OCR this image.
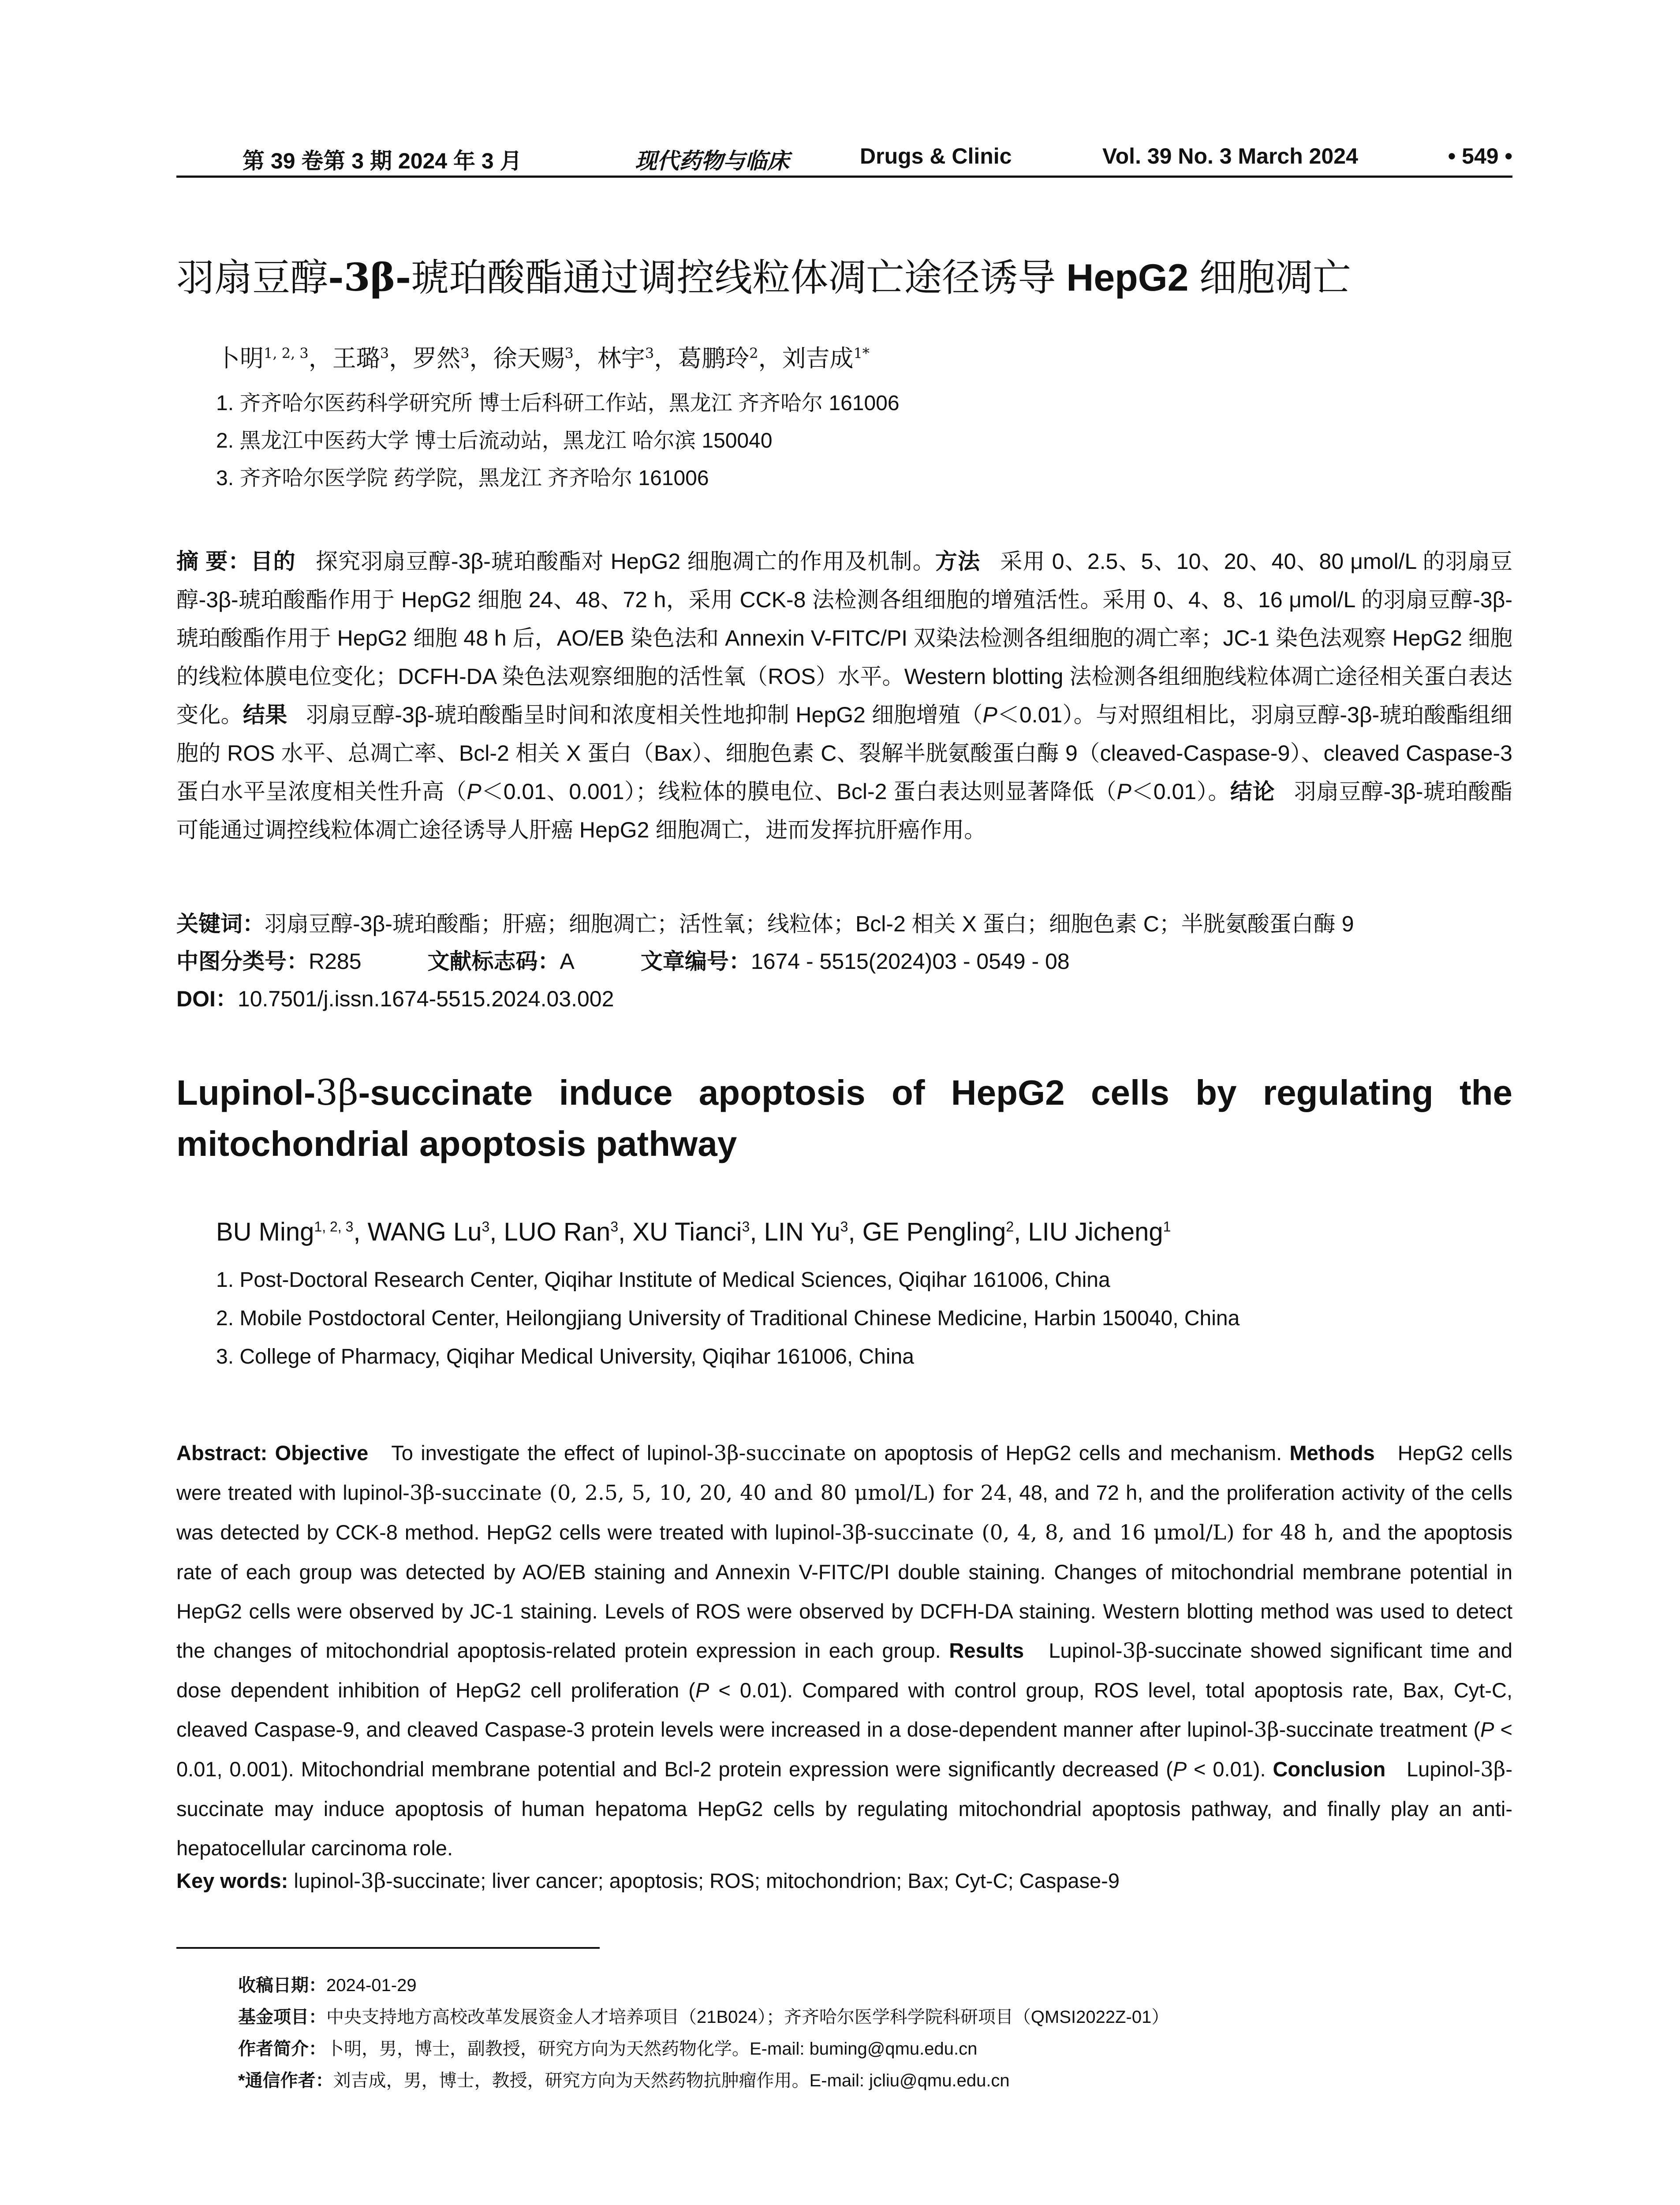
第 39 卷第 3 期 2024 年 3 月	现代药物与临床	Drugs & Clinic	Vol. 39 No. 3 March 2024	• 549 •
羽扇豆醇-3β-琥珀酸酯通过调控线粒体凋亡途径诱导 HepG2 细胞凋亡
卜明$^{1, 2, 3}$，王璐$^3$，罗然$^3$，徐天赐$^3$，林宇$^3$，葛鹏玲$^2$，刘吉成$^{1*}$
1. 齐齐哈尔医药科学研究所 博士后科研工作站，黑龙江 齐齐哈尔 161006
2. 黑龙江中医药大学 博士后流动站，黑龙江 哈尔滨 150040
3. 齐齐哈尔医学院 药学院，黑龙江 齐齐哈尔 161006

摘 要：目的 探究羽扇豆醇-3β-琥珀酸酯对 HepG2 细胞凋亡的作用及机制。方法 采用 0、2.5、5、10、20、40、80 μmol/L 的羽扇豆醇-3β-琥珀酸酯作用于 HepG2 细胞 24、48、72 h，采用 CCK-8 法检测各组细胞的增殖活性。采用 0、4、8、16 μmol/L 的羽扇豆醇-3β-琥珀酸酯作用于 HepG2 细胞 48 h 后，AO/EB 染色法和 Annexin V-FITC/PI 双染法检测各组细胞的凋亡率；JC-1 染色法观察 HepG2 细胞的线粒体膜电位变化；DCFH-DA 染色法观察细胞的活性氧（ROS）水平。Western blotting 法检测各组细胞线粒体凋亡途径相关蛋白表达变化。结果 羽扇豆醇-3β-琥珀酸酯呈时间和浓度相关性地抑制 HepG2 细胞增殖（P＜0.01）。与对照组相比，羽扇豆醇-3β-琥珀酸酯组细胞的 ROS 水平、总凋亡率、Bcl-2 相关 X 蛋白（Bax）、细胞色素 C、裂解半胱氨酸蛋白酶 9（cleaved-Caspase-9）、cleaved Caspase-3 蛋白水平呈浓度相关性升高（P＜0.01、0.001）；线粒体的膜电位、Bcl-2 蛋白表达则显著降低（P＜0.01）。结论 羽扇豆醇-3β-琥珀酸酯可能通过调控线粒体凋亡途径诱导人肝癌 HepG2 细胞凋亡，进而发挥抗肝癌作用。

关键词：羽扇豆醇-3β-琥珀酸酯；肝癌；细胞凋亡；活性氧；线粒体；Bcl-2 相关 X 蛋白；细胞色素 C；半胱氨酸蛋白酶 9
中图分类号：R285	文献标志码：A	文章编号：1674 - 5515(2024)03 - 0549 - 08
DOI：10.7501/j.issn.1674-5515.2024.03.002
Lupinol-3β-succinate induce apoptosis of HepG2 cells by regulating the mitochondrial apoptosis pathway
BU Ming$^{1, 2, 3}$, WANG Lu$^3$, LUO Ran$^3$, XU Tianci$^3$, LIN Yu$^3$, GE Pengling$^2$, LIU Jicheng$^1$
1. Post-Doctoral Research Center, Qiqihar Institute of Medical Sciences, Qiqihar 161006, China
2. Mobile Postdoctoral Center, Heilongjiang University of Traditional Chinese Medicine, Harbin 150040, China
3. College of Pharmacy, Qiqihar Medical University, Qiqihar 161006, China

Abstract: Objective To investigate the effect of lupinol-3β-succinate on apoptosis of HepG2 cells and mechanism. Methods HepG2 cells were treated with lupinol-3β-succinate (0, 2.5, 5, 10, 20, 40 and 80 μmol/L) for 24, 48, and 72 h, and the proliferation activity of the cells was detected by CCK-8 method. HepG2 cells were treated with lupinol-3β-succinate (0, 4, 8, and 16 μmol/L) for 48 h, and the apoptosis rate of each group was detected by AO/EB staining and Annexin V-FITC/PI double staining. Changes of mitochondrial membrane potential in HepG2 cells were observed by JC-1 staining. Levels of ROS were observed by DCFH-DA staining. Western blotting method was used to detect the changes of mitochondrial apoptosis-related protein expression in each group. Results Lupinol-3β-succinate showed significant time and dose dependent inhibition of HepG2 cell proliferation (P < 0.01). Compared with control group, ROS level, total apoptosis rate, Bax, Cyt-C, cleaved Caspase-9, and cleaved Caspase-3 protein levels were increased in a dose-dependent manner after lupinol-3β-succinate treatment (P < 0.01, 0.001). Mitochondrial membrane potential and Bcl-2 protein expression were significantly decreased (P < 0.01). Conclusion Lupinol-3β-succinate may induce apoptosis of human hepatoma HepG2 cells by regulating mitochondrial apoptosis pathway, and finally play an anti-hepatocellular carcinoma role.

Key words: lupinol-3β-succinate; liver cancer; apoptosis; ROS; mitochondrion; Bax; Cyt-C; Caspase-9
收稿日期：2024-01-29
基金项目：中央支持地方高校改革发展资金人才培养项目（21B024）；齐齐哈尔医学科学院科研项目（QMSI2022Z-01）
作者简介：卜明，男，博士，副教授，研究方向为天然药物化学。E-mail: buming@qmu.edu.cn
*通信作者：刘吉成，男，博士，教授，研究方向为天然药物抗肿瘤作用。E-mail: jcliu@qmu.edu.cn
